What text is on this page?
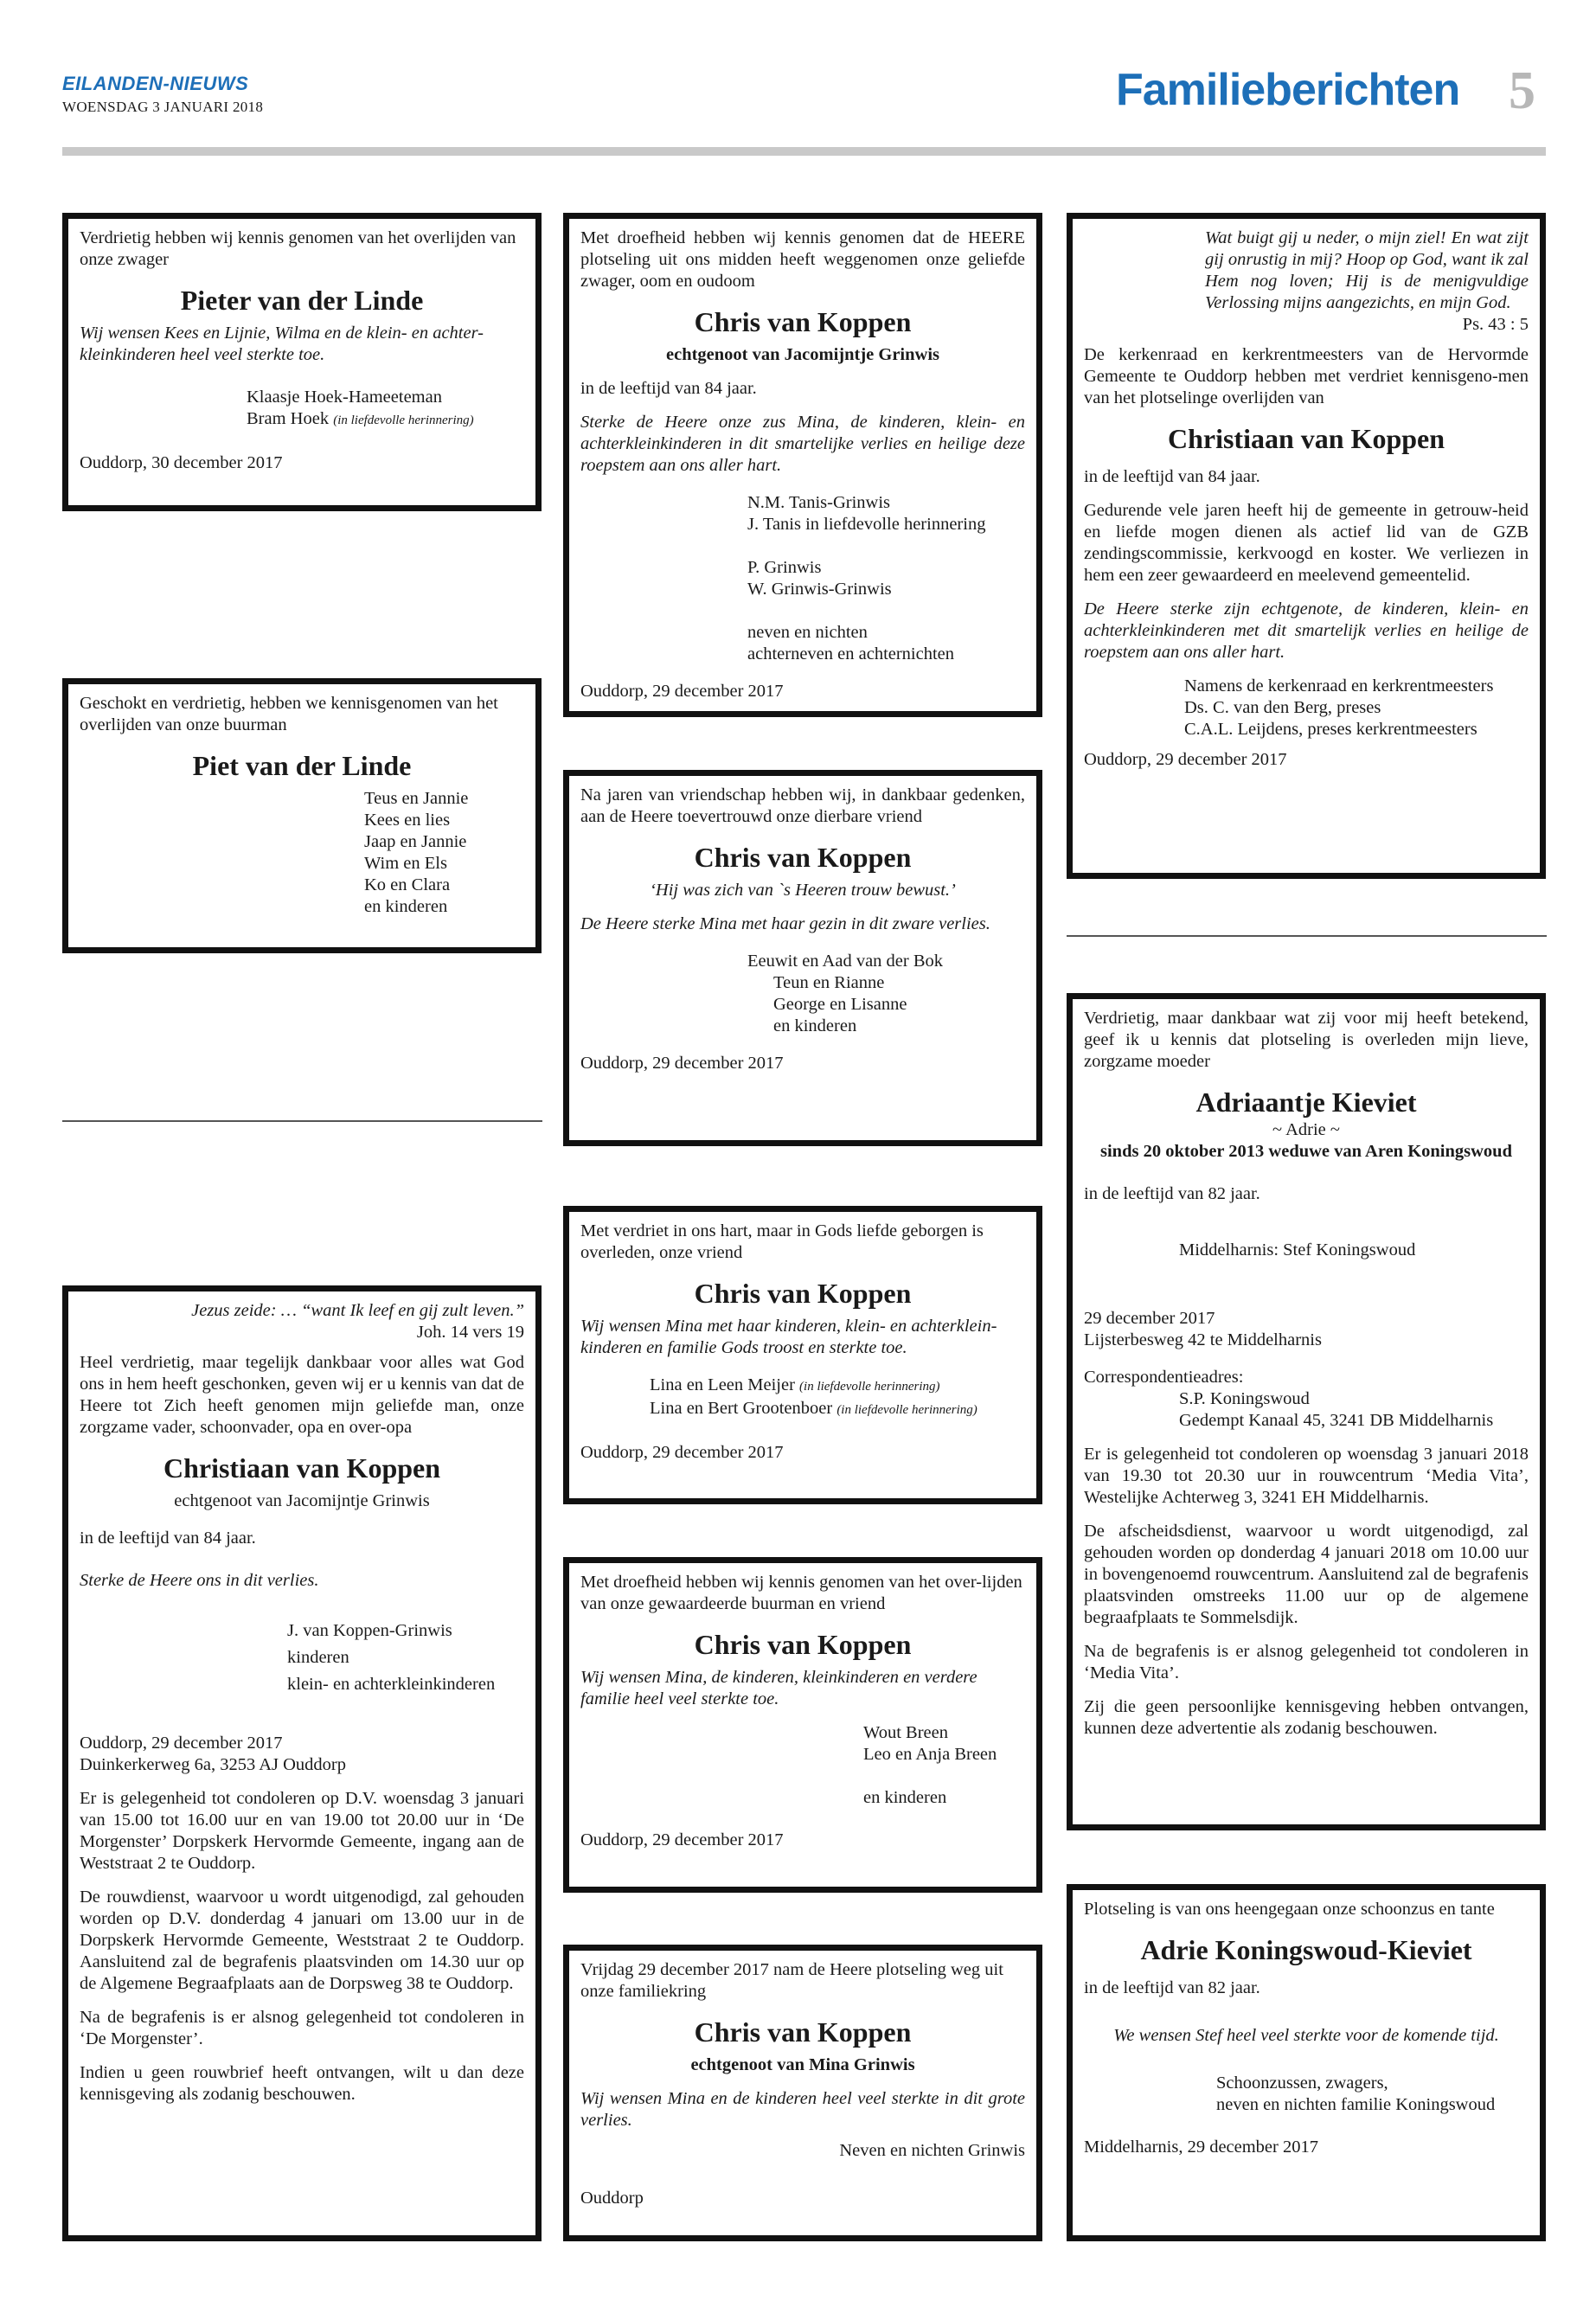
EILANDEN-NIEUWS
WOENSDAG 3 JANUARI 2018	Familieberichten 5

Verdrietig hebben wij kennis genomen van het overlijden van onze zwager

Pieter van der Linde

Wij wensen Kees en Lijnie, Wilma en de klein- en achter-kleinkinderen heel veel sterkte toe.

Klaasje Hoek-Hameeteman
Bram Hoek (in liefdevolle herinnering)

Ouddorp, 30 december 2017

Geschokt en verdrietig, hebben we kennisgenomen van het overlijden van onze buurman

Piet van der Linde

Teus en Jannie
Kees en lies
Jaap en Jannie
Wim en Els
Ko en Clara
en kinderen

Jezus zeide: … “want Ik leef en gij zult leven.”

Joh. 14 vers 19

Heel verdrietig, maar tegelijk dankbaar voor alles wat God ons in hem heeft geschonken, geven wij er u kennis van dat de Heere tot Zich heeft genomen mijn geliefde man, onze zorgzame vader, schoonvader, opa en over-opa

Christiaan van Koppen

echtgenoot van Jacomijntje Grinwis

in de leeftijd van 84 jaar.

Sterke de Heere ons in dit verlies.

J. van Koppen-Grinwis
kinderen
klein- en achterkleinkinderen

Ouddorp, 29 december 2017

Duinkerkerweg 6a, 3253 AJ Ouddorp

Er is gelegenheid tot condoleren op D.V. woensdag 3 januari van 15.00 tot 16.00 uur en van 19.00 tot 20.00 uur in ‘De Morgenster’ Dorpskerk Hervormde Gemeente, ingang aan de Weststraat 2 te Ouddorp.

De rouwdienst, waarvoor u wordt uitgenodigd, zal gehouden worden op D.V. donderdag 4 januari om 13.00 uur in de Dorpskerk Hervormde Gemeente, Weststraat 2 te Ouddorp. Aansluitend zal de begrafenis plaatsvinden om 14.30 uur op de Algemene Begraafplaats aan de Dorpsweg 38 te Ouddorp.

Na de begrafenis is er alsnog gelegenheid tot condoleren in ‘De Morgenster’.

Indien u geen rouwbrief heeft ontvangen, wilt u dan deze kennisgeving als zodanig beschouwen.

Met droefheid hebben wij kennis genomen dat de HEERE plotseling uit ons midden heeft weggenomen onze geliefde zwager, oom en oudoom

Chris van Koppen

echtgenoot van Jacomijntje Grinwis

in de leeftijd van 84 jaar.

Sterke de Heere onze zus Mina, de kinderen, klein- en achterkleinkinderen in dit smartelijke verlies en heilige deze roepstem aan ons aller hart.

N.M. Tanis-Grinwis
J. Tanis in liefdevolle herinnering
P. Grinwis
W. Grinwis-Grinwis
neven en nichten
achterneven en achternichten

Ouddorp, 29 december 2017

Na jaren van vriendschap hebben wij, in dankbaar gedenken, aan de Heere toevertrouwd onze dierbare vriend

Chris van Koppen

‘Hij was zich van `s Heeren trouw bewust.’

De Heere sterke Mina met haar gezin in dit zware verlies.

Eeuwit en Aad van der Bok
Teun en Rianne
George en Lisanne
en kinderen

Ouddorp, 29 december 2017

Met verdriet in ons hart, maar in Gods liefde geborgen is overleden, onze vriend

Chris van Koppen

Wij wensen Mina met haar kinderen, klein- en achterklein-kinderen en familie Gods troost en sterkte toe.

Lina en Leen Meijer (in liefdevolle herinnering)
Lina en Bert Grootenboer (in liefdevolle herinnering)

Ouddorp, 29 december 2017

Met droefheid hebben wij kennis genomen van het over-lijden van onze gewaardeerde buurman en vriend

Chris van Koppen

Wij wensen Mina, de kinderen, kleinkinderen en verdere familie heel veel sterkte toe.

Wout Breen
Leo en Anja Breen
en kinderen

Ouddorp, 29 december 2017

Vrijdag 29 december 2017 nam de Heere plotseling weg uit onze familiekring

Chris van Koppen

echtgenoot van Mina Grinwis

Wij wensen Mina en de kinderen heel veel sterkte in dit grote verlies.

Neven en nichten Grinwis

Ouddorp

Wat buigt gij u neder, o mijn ziel! En wat zijt gij onrustig in mij? Hoop op God, want ik zal Hem nog loven; Hij is de menigvuldige Verlossing mijns aangezichts, en mijn God.

Ps. 43 : 5

De kerkenraad en kerkrentmeesters van de Hervormde Gemeente te Ouddorp hebben met verdriet kennisgeno-men van het plotselinge overlijden van

Christiaan van Koppen

in de leeftijd van 84 jaar.

Gedurende vele jaren heeft hij de gemeente in getrouw-heid en liefde mogen dienen als actief lid van de GZB zendingscommissie, kerkvoogd en koster. We verliezen in hem een zeer gewaardeerd en meelevend gemeentelid.

De Heere sterke zijn echtgenote, de kinderen, klein- en achterkleinkinderen met dit smartelijk verlies en heilige de roepstem aan ons aller hart.

Namens de kerkenraad en kerkrentmeesters
Ds. C. van den Berg, preses
C.A.L. Leijdens, preses kerkrentmeesters

Ouddorp, 29 december 2017

Verdrietig, maar dankbaar wat zij voor mij heeft betekend, geef ik u kennis dat plotseling is overleden mijn lieve, zorgzame moeder

Adriaantje Kieviet

~ Adrie ~

sinds 20 oktober 2013 weduwe van Aren Koningswoud

in de leeftijd van 82 jaar.

Middelharnis: Stef Koningswoud

29 december 2017

Lijsterbesweg 42 te Middelharnis

Correspondentieadres:

S.P. Koningswoud

Gedempt Kanaal 45, 3241 DB Middelharnis

Er is gelegenheid tot condoleren op woensdag 3 januari 2018 van 19.30 tot 20.30 uur in rouwcentrum ‘Media Vita’, Westelijke Achterweg 3, 3241 EH Middelharnis.

De afscheidsdienst, waarvoor u wordt uitgenodigd, zal gehouden worden op donderdag 4 januari 2018 om 10.00 uur in bovengenoemd rouwcentrum. Aansluitend zal de begrafenis plaatsvinden omstreeks 11.00 uur op de algemene begraafplaats te Sommelsdijk.

Na de begrafenis is er alsnog gelegenheid tot condoleren in ‘Media Vita’.

Zij die geen persoonlijke kennisgeving hebben ontvangen, kunnen deze advertentie als zodanig beschouwen.

Plotseling is van ons heengegaan onze schoonzus en tante

Adrie Koningswoud-Kieviet

in de leeftijd van 82 jaar.

We wensen Stef heel veel sterkte voor de komende tijd.

Schoonzussen, zwagers,
neven en nichten familie Koningswoud

Middelharnis, 29 december 2017
